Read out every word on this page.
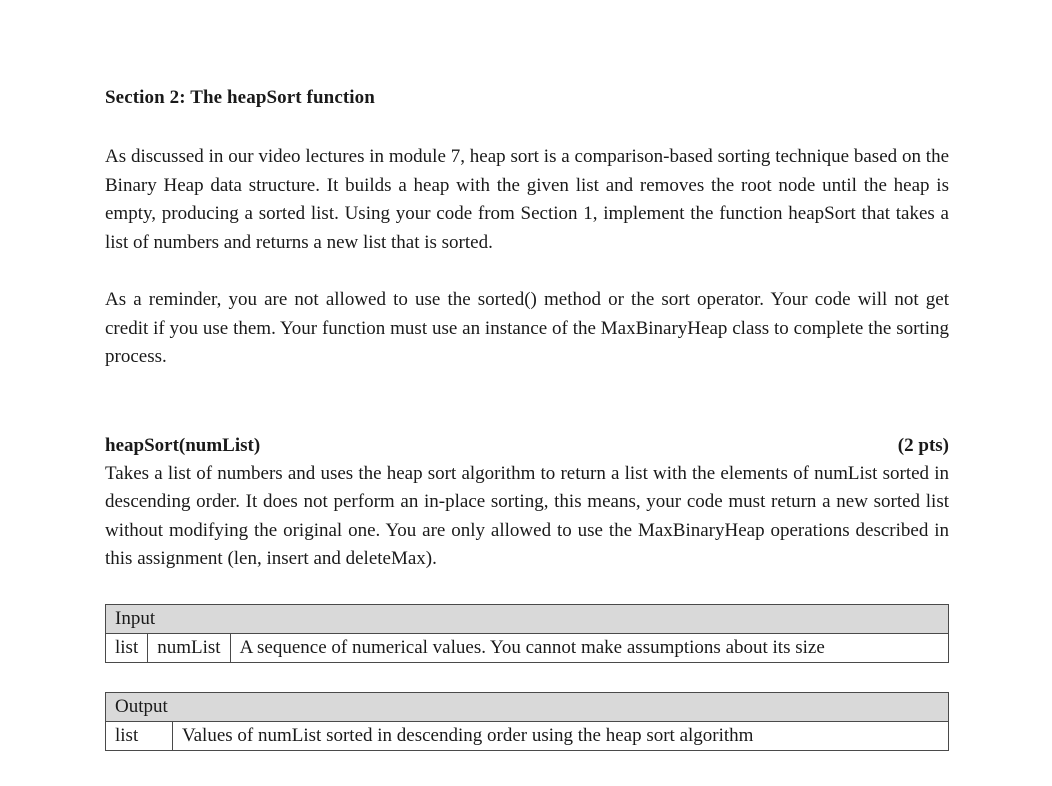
Section 2: The heapSort function

As discussed in our video lectures in module 7, heap sort is a comparison-based sorting technique based on the Binary Heap data structure. It builds a heap with the given list and removes the root node until the heap is empty, producing a sorted list. Using your code from Section 1, implement the function heapSort that takes a list of numbers and returns a new list that is sorted.

As a reminder, you are not allowed to use the sorted() method or the sort operator. Your code will not get credit if you use them. Your function must use an instance of the MaxBinaryHeap class to complete the sorting process.

heapSort(numList)	(2 pts)

Takes a list of numbers and uses the heap sort algorithm to return a list with the elements of numList sorted in descending order. It does not perform an in-place sorting, this means, your code must return a new sorted list without modifying the original one. You are only allowed to use the MaxBinaryHeap operations described in this assignment (len, insert and deleteMax).

Input
list	numList	A sequence of numerical values. You cannot make assumptions about its size
Output
list	Values of numList sorted in descending order using the heap sort algorithm
